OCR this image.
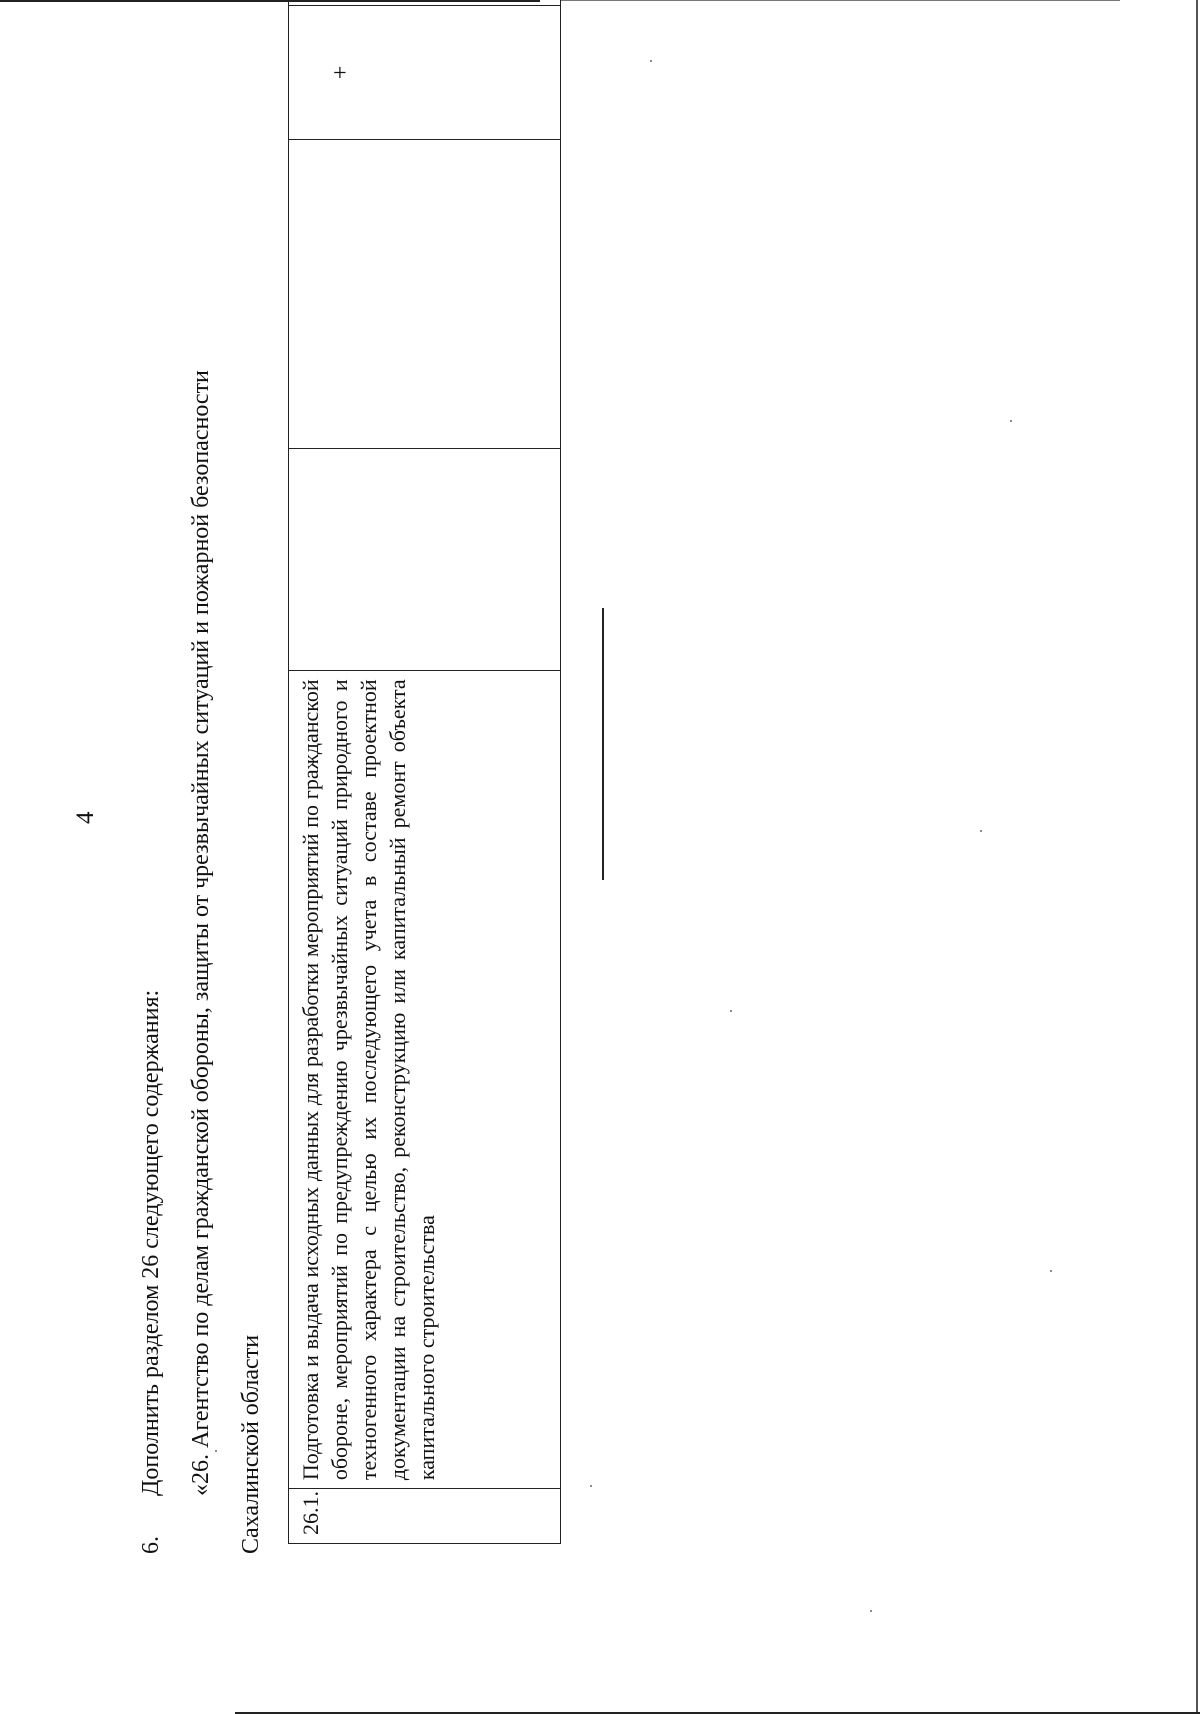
4
6.Дополнить разделом 26 следующего содержания: «26. Агентство по делам гражданской обороны, защиты от чрезвычайных ситуаций и пожарной безопасности Сахалинской области 26.1.	Подготовка и выдача исходных данных для разработки мероприятий по гражданской обороне, мероприятий по предупреждению чрезвычайных ситуаций природного и техногенного характера с целью их последующего учета в составе проектной документации на строительство, реконструкцию или капитальный ремонт объекта капитального строительства			+	
